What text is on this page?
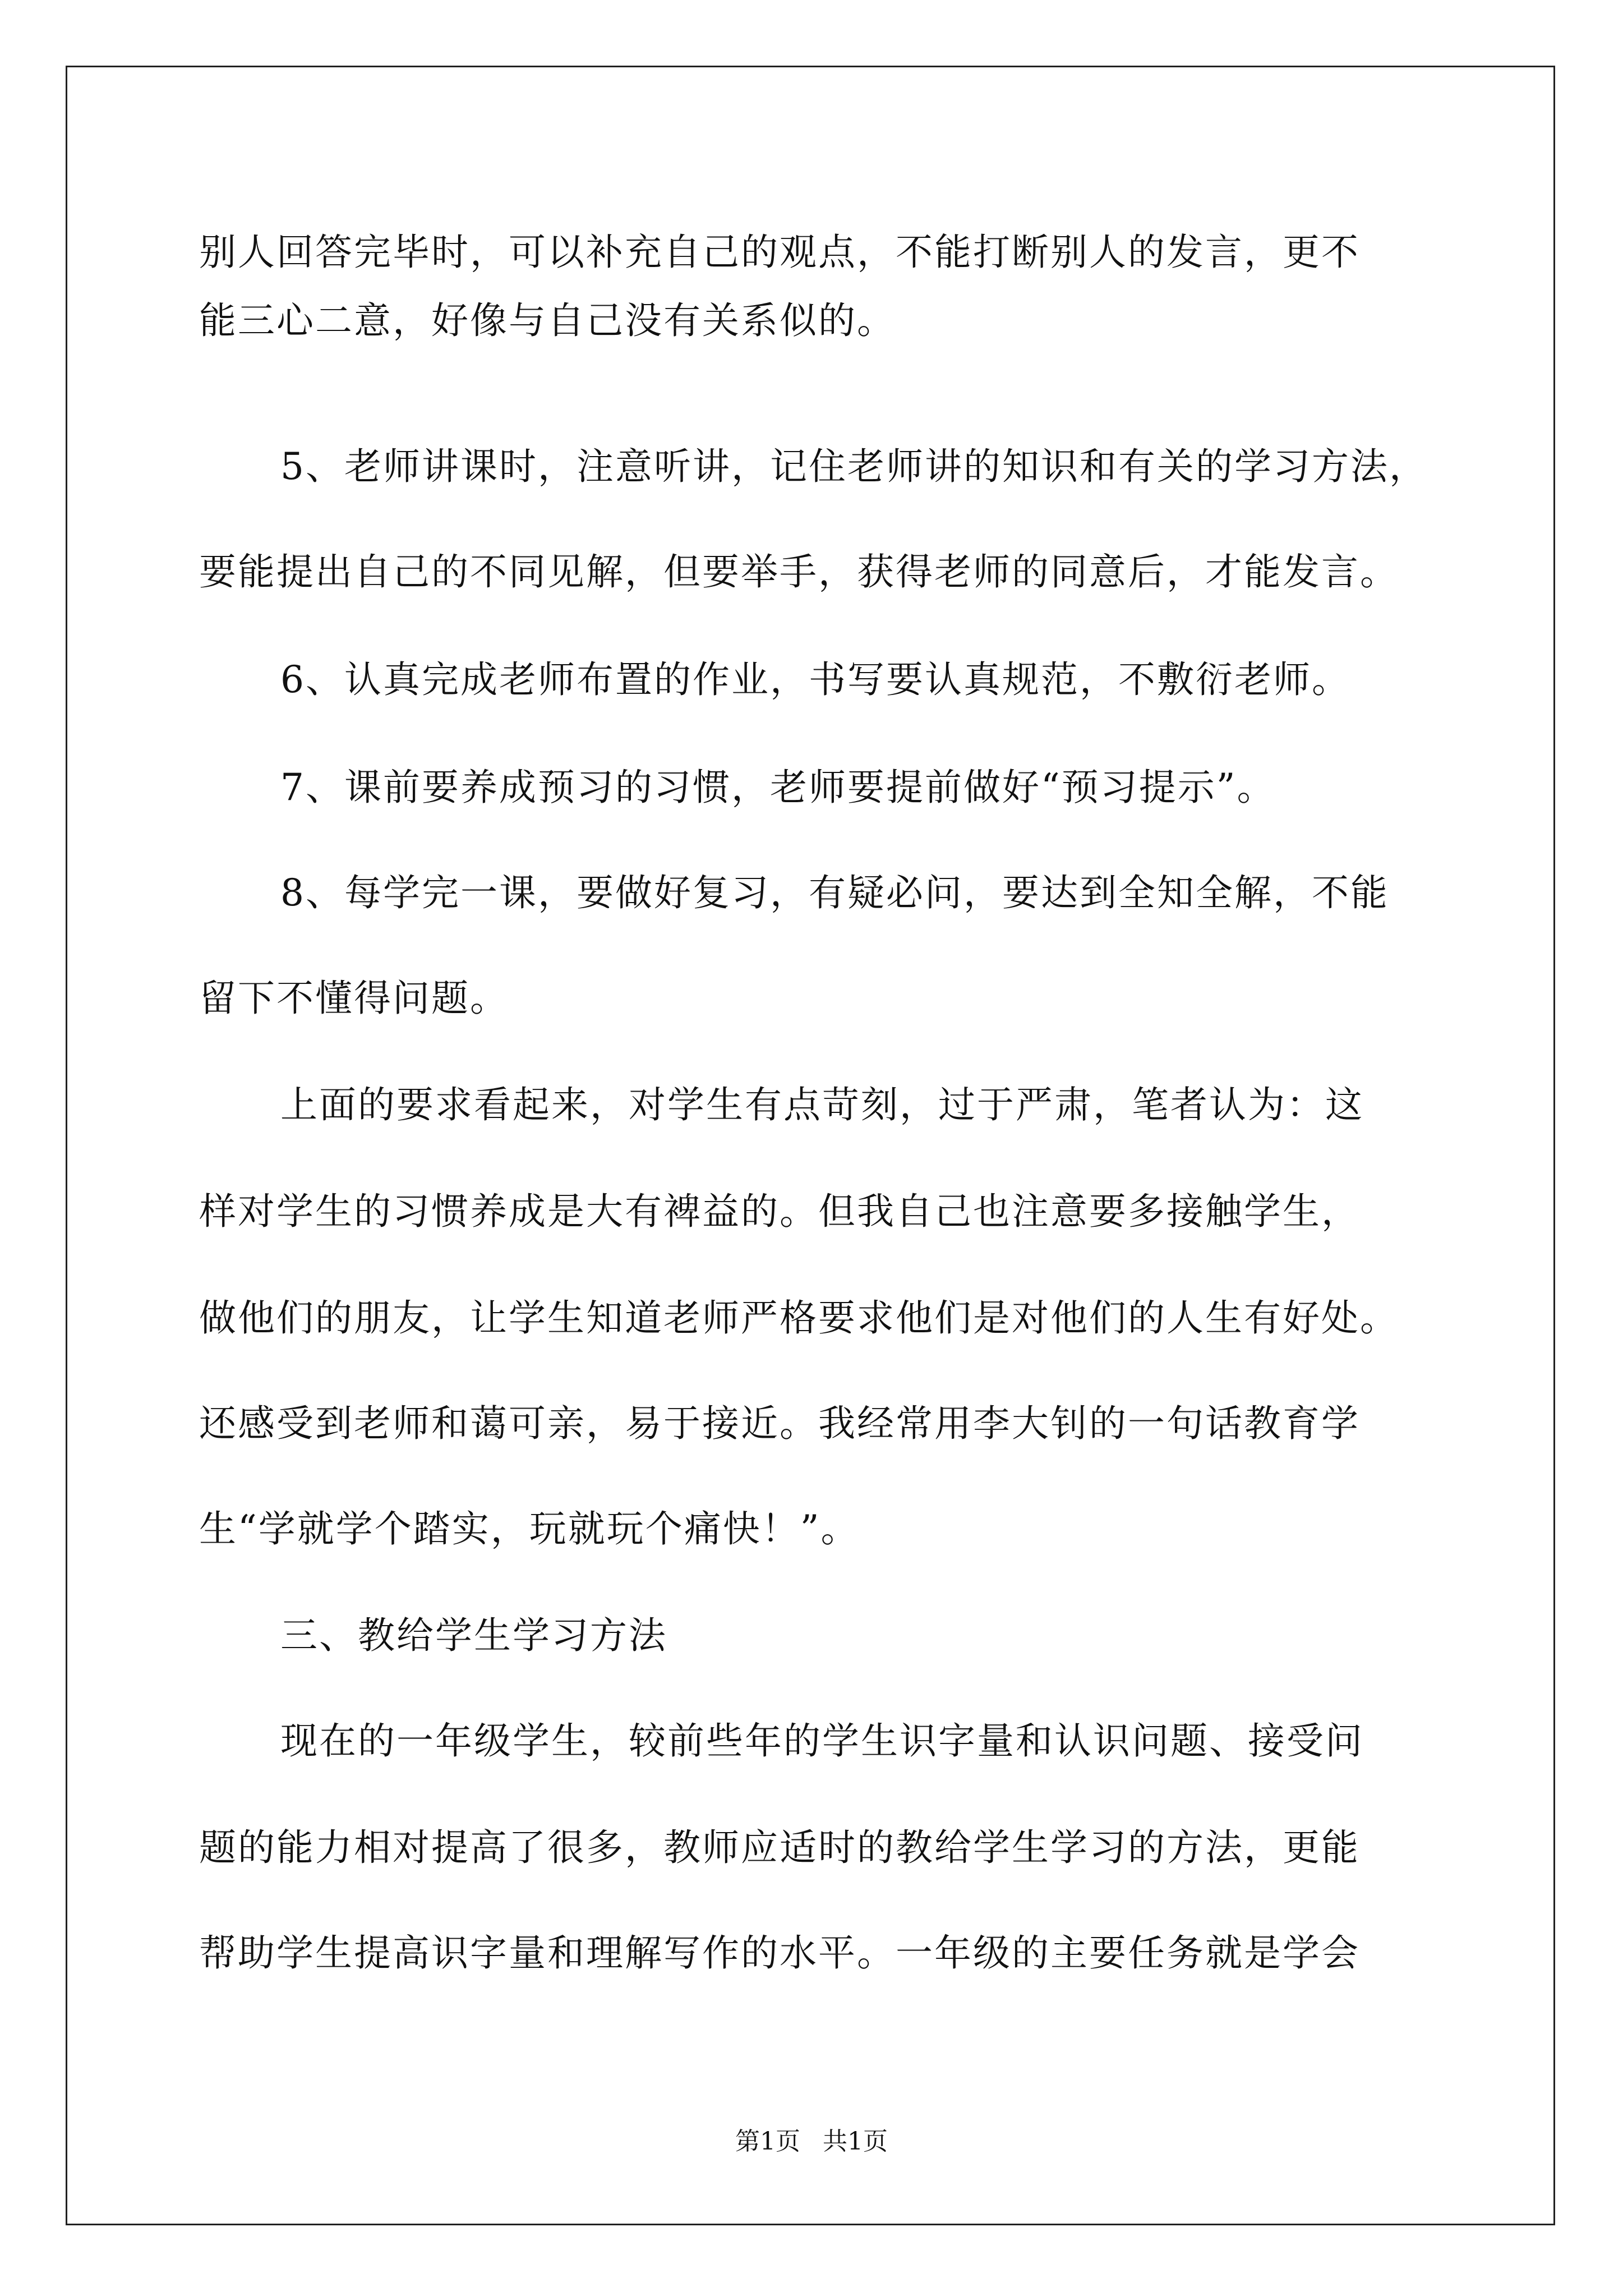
别人回答完毕时，可以补充自己的观点，不能打断别人的发言，更不
能三心二意，好像与自己没有关系似的。
5、老师讲课时，注意听讲，记住老师讲的知识和有关的学习方法，
要能提出自己的不同见解，但要举手，获得老师的同意后，才能发言。
6、认真完成老师布置的作业，书写要认真规范，不敷衍老师。
7、课前要养成预习的习惯，老师要提前做好“预习提示”。
8、每学完一课，要做好复习，有疑必问，要达到全知全解，不能
留下不懂得问题。
上面的要求看起来，对学生有点苛刻，过于严肃，笔者认为：这
样对学生的习惯养成是大有裨益的。但我自己也注意要多接触学生，
做他们的朋友，让学生知道老师严格要求他们是对他们的人生有好处。
还感受到老师和蔼可亲，易于接近。我经常用李大钊的一句话教育学
生“学就学个踏实，玩就玩个痛快！”。
三、教给学生学习方法
现在的一年级学生，较前些年的学生识字量和认识问题、接受问
题的能力相对提高了很多，教师应适时的教给学生学习的方法，更能
帮助学生提高识字量和理解写作的水平。一年级的主要任务就是学会
第1页 共1页
